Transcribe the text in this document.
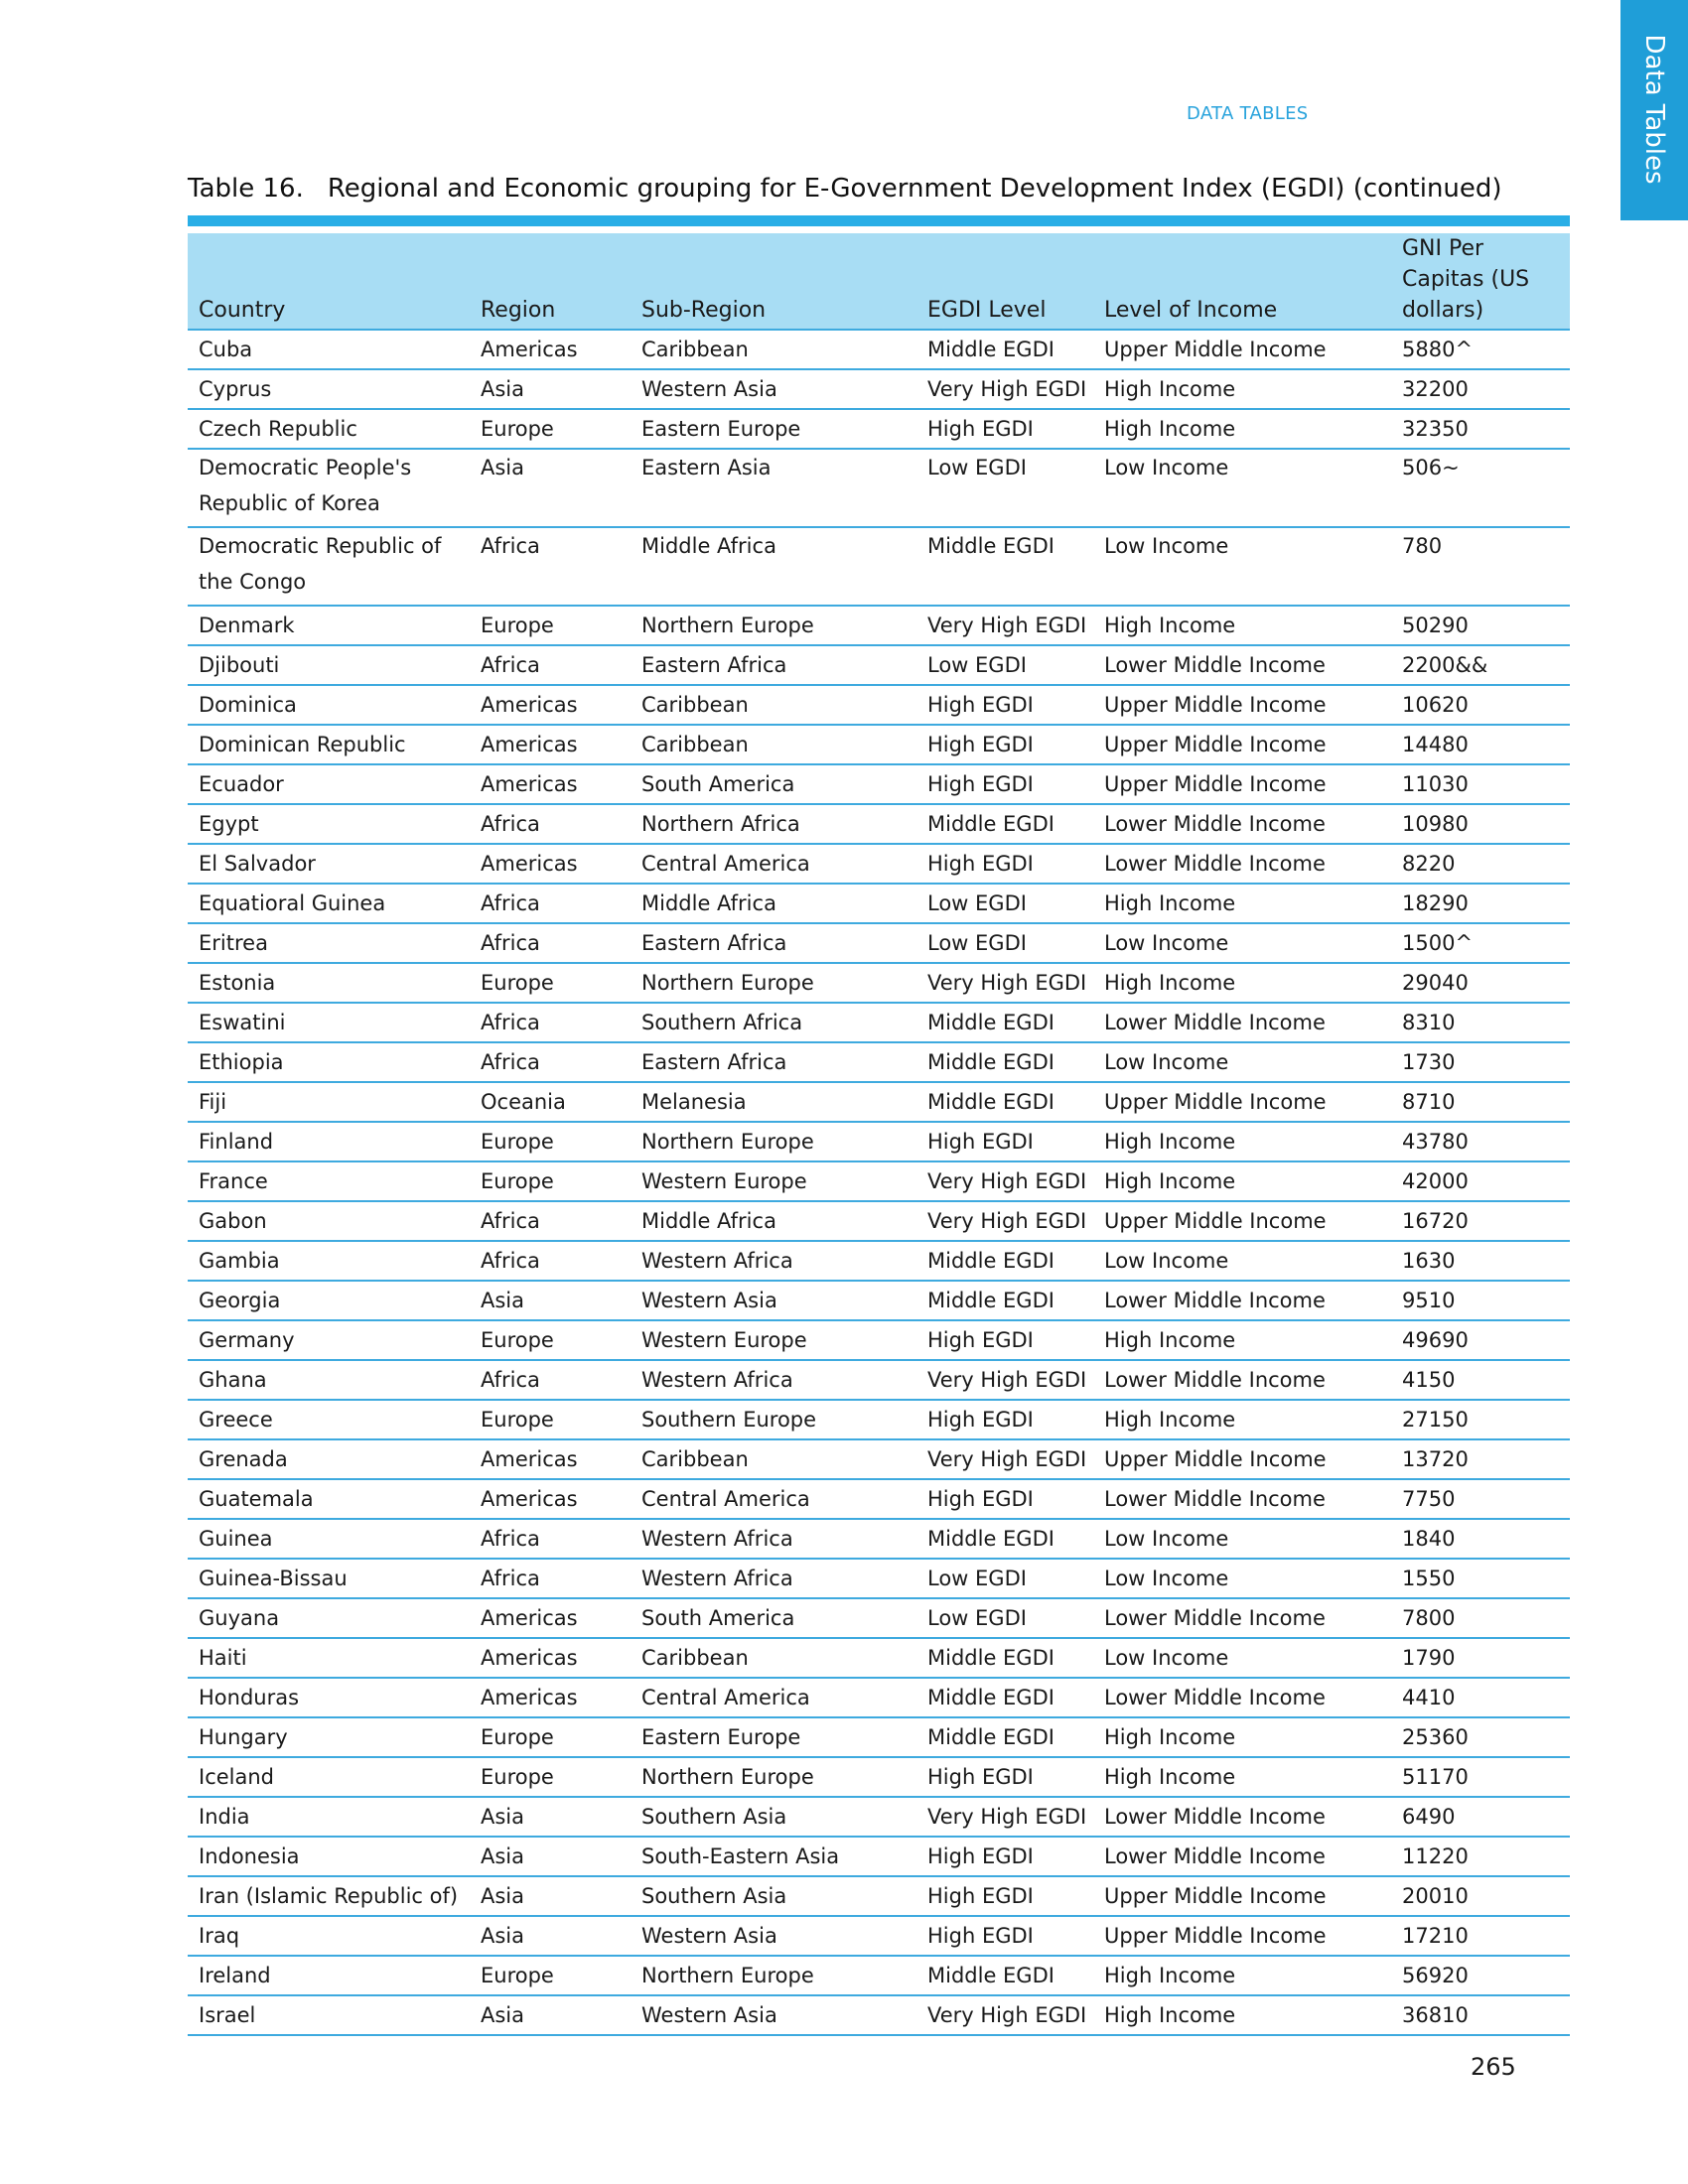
DATA TABLES	Data Tables
Table 16. Regional and Economic grouping for E-Government Development Index (EGDI) (continued)
Country	Region	Sub-Region	EGDI Level	Level of Income	GNI Per Capitas (US dollars)
Cuba	Americas	Caribbean	Middle EGDI	Upper Middle Income	5880^
Cyprus	Asia	Western Asia	Very High EGDI	High Income	32200
Czech Republic	Europe	Eastern Europe	High EGDI	High Income	32350
Democratic People's Republic of Korea	Asia	Eastern Asia	Low EGDI	Low Income	506~
Democratic Republic of the Congo	Africa	Middle Africa	Middle EGDI	Low Income	780
Denmark	Europe	Northern Europe	Very High EGDI	High Income	50290
Djibouti	Africa	Eastern Africa	Low EGDI	Lower Middle Income	2200&&
Dominica	Americas	Caribbean	High EGDI	Upper Middle Income	10620
Dominican Republic	Americas	Caribbean	High EGDI	Upper Middle Income	14480
Ecuador	Americas	South America	High EGDI	Upper Middle Income	11030
Egypt	Africa	Northern Africa	Middle EGDI	Lower Middle Income	10980
El Salvador	Americas	Central America	High EGDI	Lower Middle Income	8220
Equatioral Guinea	Africa	Middle Africa	Low EGDI	High Income	18290
Eritrea	Africa	Eastern Africa	Low EGDI	Low Income	1500^
Estonia	Europe	Northern Europe	Very High EGDI	High Income	29040
Eswatini	Africa	Southern Africa	Middle EGDI	Lower Middle Income	8310
Ethiopia	Africa	Eastern Africa	Middle EGDI	Low Income	1730
Fiji	Oceania	Melanesia	Middle EGDI	Upper Middle Income	8710
Finland	Europe	Northern Europe	High EGDI	High Income	43780
France	Europe	Western Europe	Very High EGDI	High Income	42000
Gabon	Africa	Middle Africa	Very High EGDI	Upper Middle Income	16720
Gambia	Africa	Western Africa	Middle EGDI	Low Income	1630
Georgia	Asia	Western Asia	Middle EGDI	Lower Middle Income	9510
Germany	Europe	Western Europe	High EGDI	High Income	49690
Ghana	Africa	Western Africa	Very High EGDI	Lower Middle Income	4150
Greece	Europe	Southern Europe	High EGDI	High Income	27150
Grenada	Americas	Caribbean	Very High EGDI	Upper Middle Income	13720
Guatemala	Americas	Central America	High EGDI	Lower Middle Income	7750
Guinea	Africa	Western Africa	Middle EGDI	Low Income	1840
Guinea-Bissau	Africa	Western Africa	Low EGDI	Low Income	1550
Guyana	Americas	South America	Low EGDI	Lower Middle Income	7800
Haiti	Americas	Caribbean	Middle EGDI	Low Income	1790
Honduras	Americas	Central America	Middle EGDI	Lower Middle Income	4410
Hungary	Europe	Eastern Europe	Middle EGDI	High Income	25360
Iceland	Europe	Northern Europe	High EGDI	High Income	51170
India	Asia	Southern Asia	Very High EGDI	Lower Middle Income	6490
Indonesia	Asia	South-Eastern Asia	High EGDI	Lower Middle Income	11220
Iran (Islamic Republic of)	Asia	Southern Asia	High EGDI	Upper Middle Income	20010
Iraq	Asia	Western Asia	High EGDI	Upper Middle Income	17210
Ireland	Europe	Northern Europe	Middle EGDI	High Income	56920
Israel	Asia	Western Asia	Very High EGDI	High Income	36810
265
